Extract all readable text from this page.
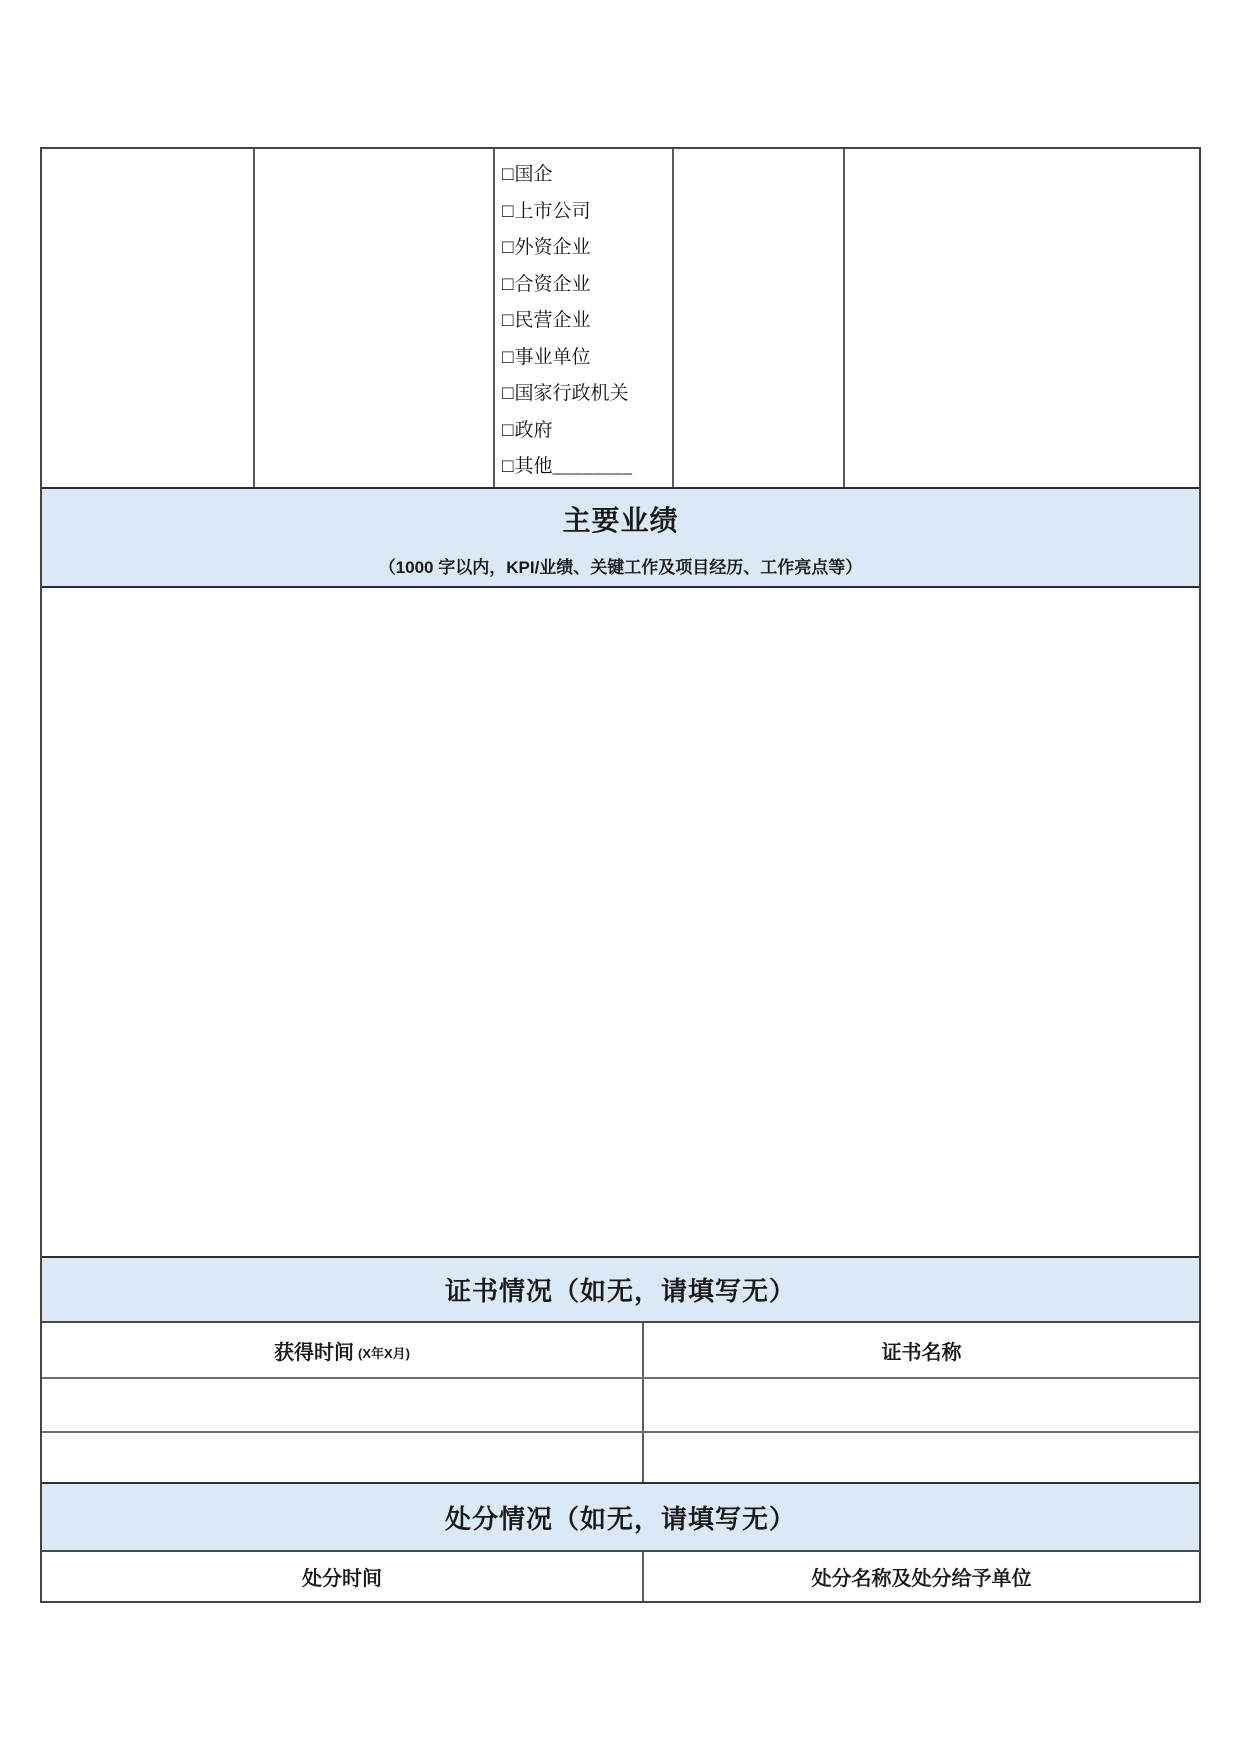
□国企
□上市公司
□外资企业
□合资企业
□民营企业
□事业单位
□国家行政机关
□政府
□其他________
主要业绩
（1000 字以内，KPI/业绩、关键工作及项目经历、工作亮点等）
证书情况（如无，请填写无）
获得时间 (X年X月)	证书名称
处分情况（如无，请填写无）
处分时间	处分名称及处分给予单位
